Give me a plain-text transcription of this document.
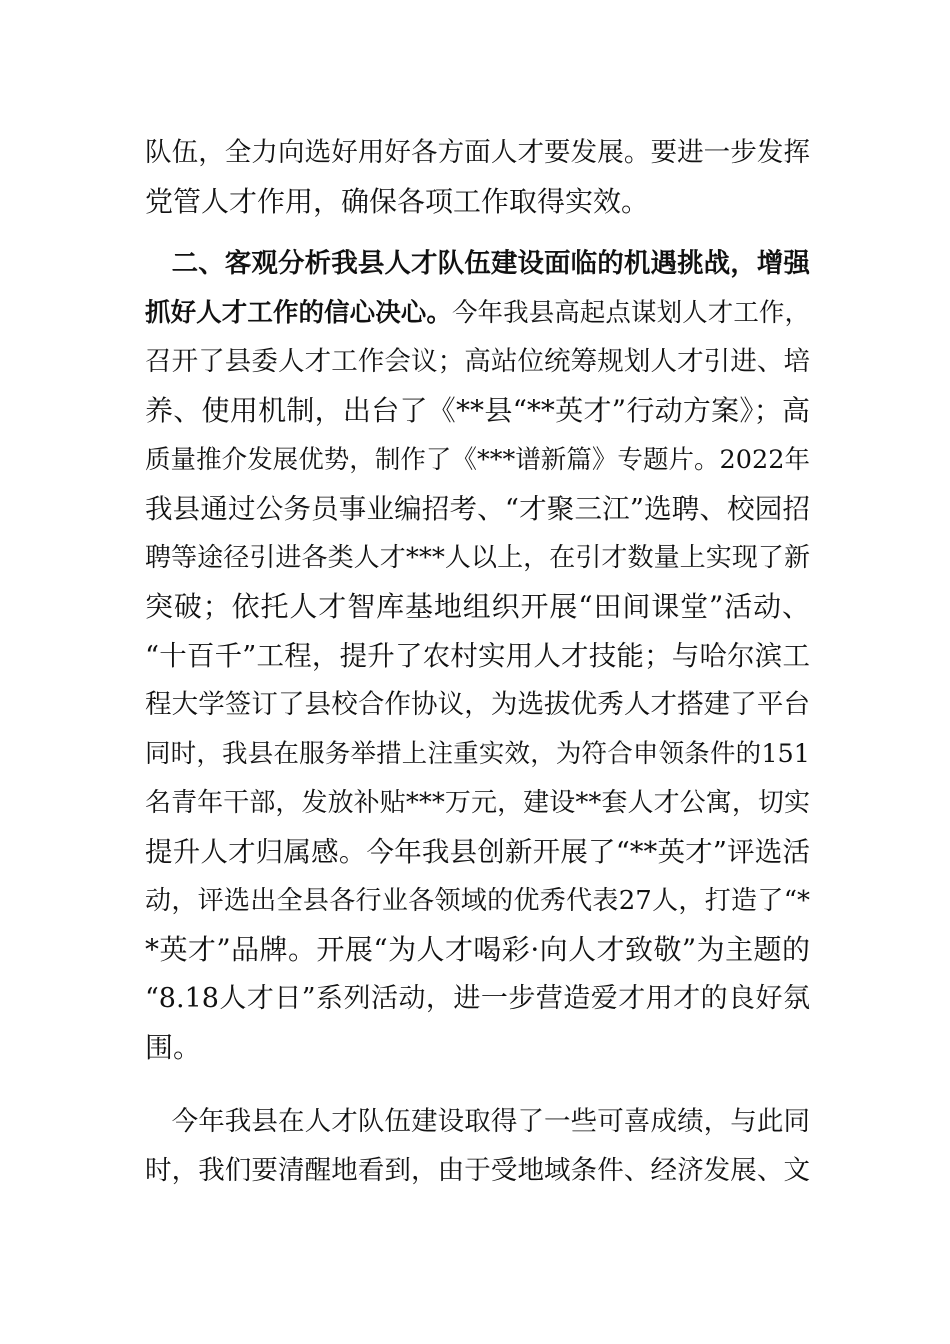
队伍，全力向选好用好各方面人才要发展。要进一步发挥
党管人才作用，确保各项工作取得实效。
　二、客观分析我县人才队伍建设面临的机遇挑战，增强
抓好人才工作的信心决心。今年我县高起点谋划人才工作，
召开了县委人才工作会议；高站位统筹规划人才引进、培
养、使用机制，出台了《**县“**英才”行动方案》；高
质量推介发展优势，制作了《***谱新篇》专题片。2022年
我县通过公务员事业编招考、“才聚三江”选聘、校园招
聘等途径引进各类人才***人以上，在引才数量上实现了新
突破；依托人才智库基地组织开展“田间课堂”活动、
“十百千”工程，提升了农村实用人才技能；与哈尔滨工
程大学签订了县校合作协议，为选拔优秀人才搭建了平台
同时，我县在服务举措上注重实效，为符合申领条件的151
名青年干部，发放补贴***万元，建设**套人才公寓，切实
提升人才归属感。今年我县创新开展了“**英才”评选活
动，评选出全县各行业各领域的优秀代表27人，打造了“*
*英才”品牌。开展“为人才喝彩·向人才致敬”为主题的
“8.18人才日”系列活动，进一步营造爱才用才的良好氛
围。
　今年我县在人才队伍建设取得了一些可喜成绩，与此同
时，我们要清醒地看到，由于受地域条件、经济发展、文
